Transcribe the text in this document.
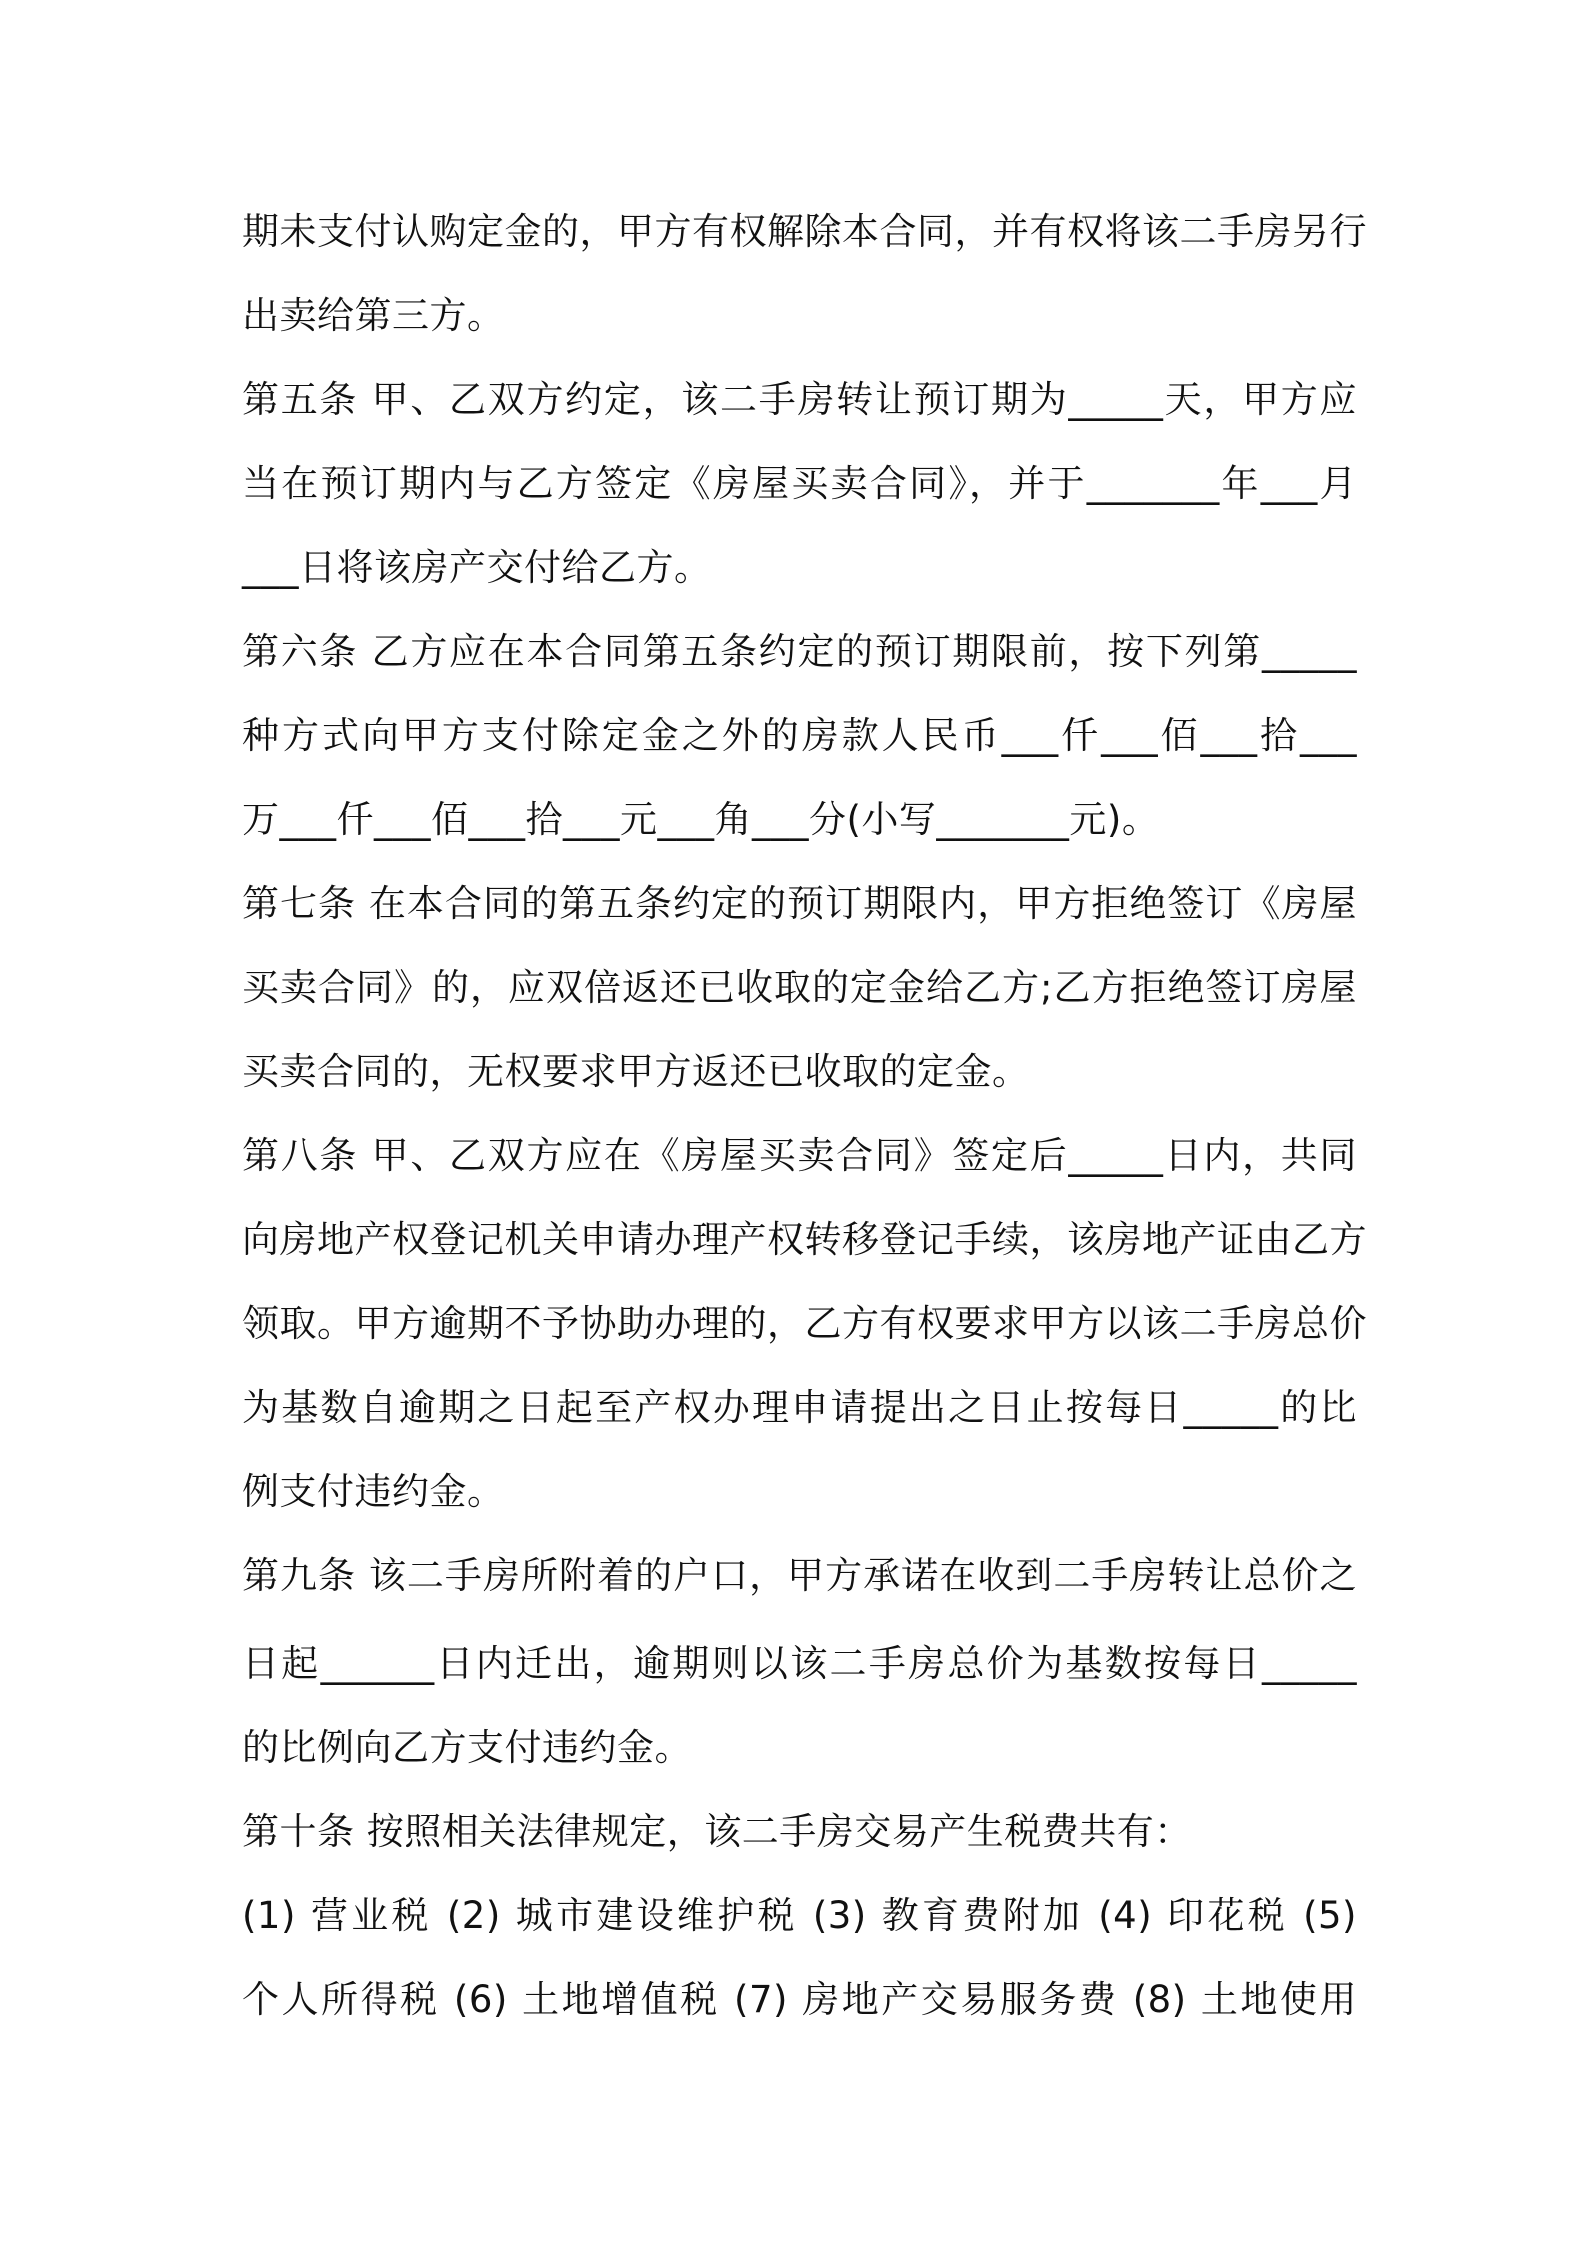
期未支付认购定金的，甲方有权解除本合同，并有权将该二手房另行
出卖给第三方。
第五条 甲、乙双方约定，该二手房转让预订期为_____天，甲方应
当在预订期内与乙方签定《房屋买卖合同》，并于_______年___月
___日将该房产交付给乙方。
第六条 乙方应在本合同第五条约定的预订期限前，按下列第_____
种方式向甲方支付除定金之外的房款人民币___仟___佰___拾___
万___仟___佰___拾___元___角___分(小写_______元)。
第七条 在本合同的第五条约定的预订期限内，甲方拒绝签订《房屋
买卖合同》的，应双倍返还已收取的定金给乙方;乙方拒绝签订房屋
买卖合同的，无权要求甲方返还已收取的定金。
第八条 甲、乙双方应在《房屋买卖合同》签定后_____日内，共同
向房地产权登记机关申请办理产权转移登记手续，该房地产证由乙方
领取。甲方逾期不予协助办理的，乙方有权要求甲方以该二手房总价
为基数自逾期之日起至产权办理申请提出之日止按每日_____的比
例支付违约金。
第九条 该二手房所附着的户口，甲方承诺在收到二手房转让总价之
日起______日内迁出，逾期则以该二手房总价为基数按每日_____
的比例向乙方支付违约金。
第十条 按照相关法律规定，该二手房交易产生税费共有：
(1) 营业税 (2) 城市建设维护税 (3) 教育费附加 (4) 印花税 (5)
个人所得税 (6) 土地增值税 (7) 房地产交易服务费 (8) 土地使用
